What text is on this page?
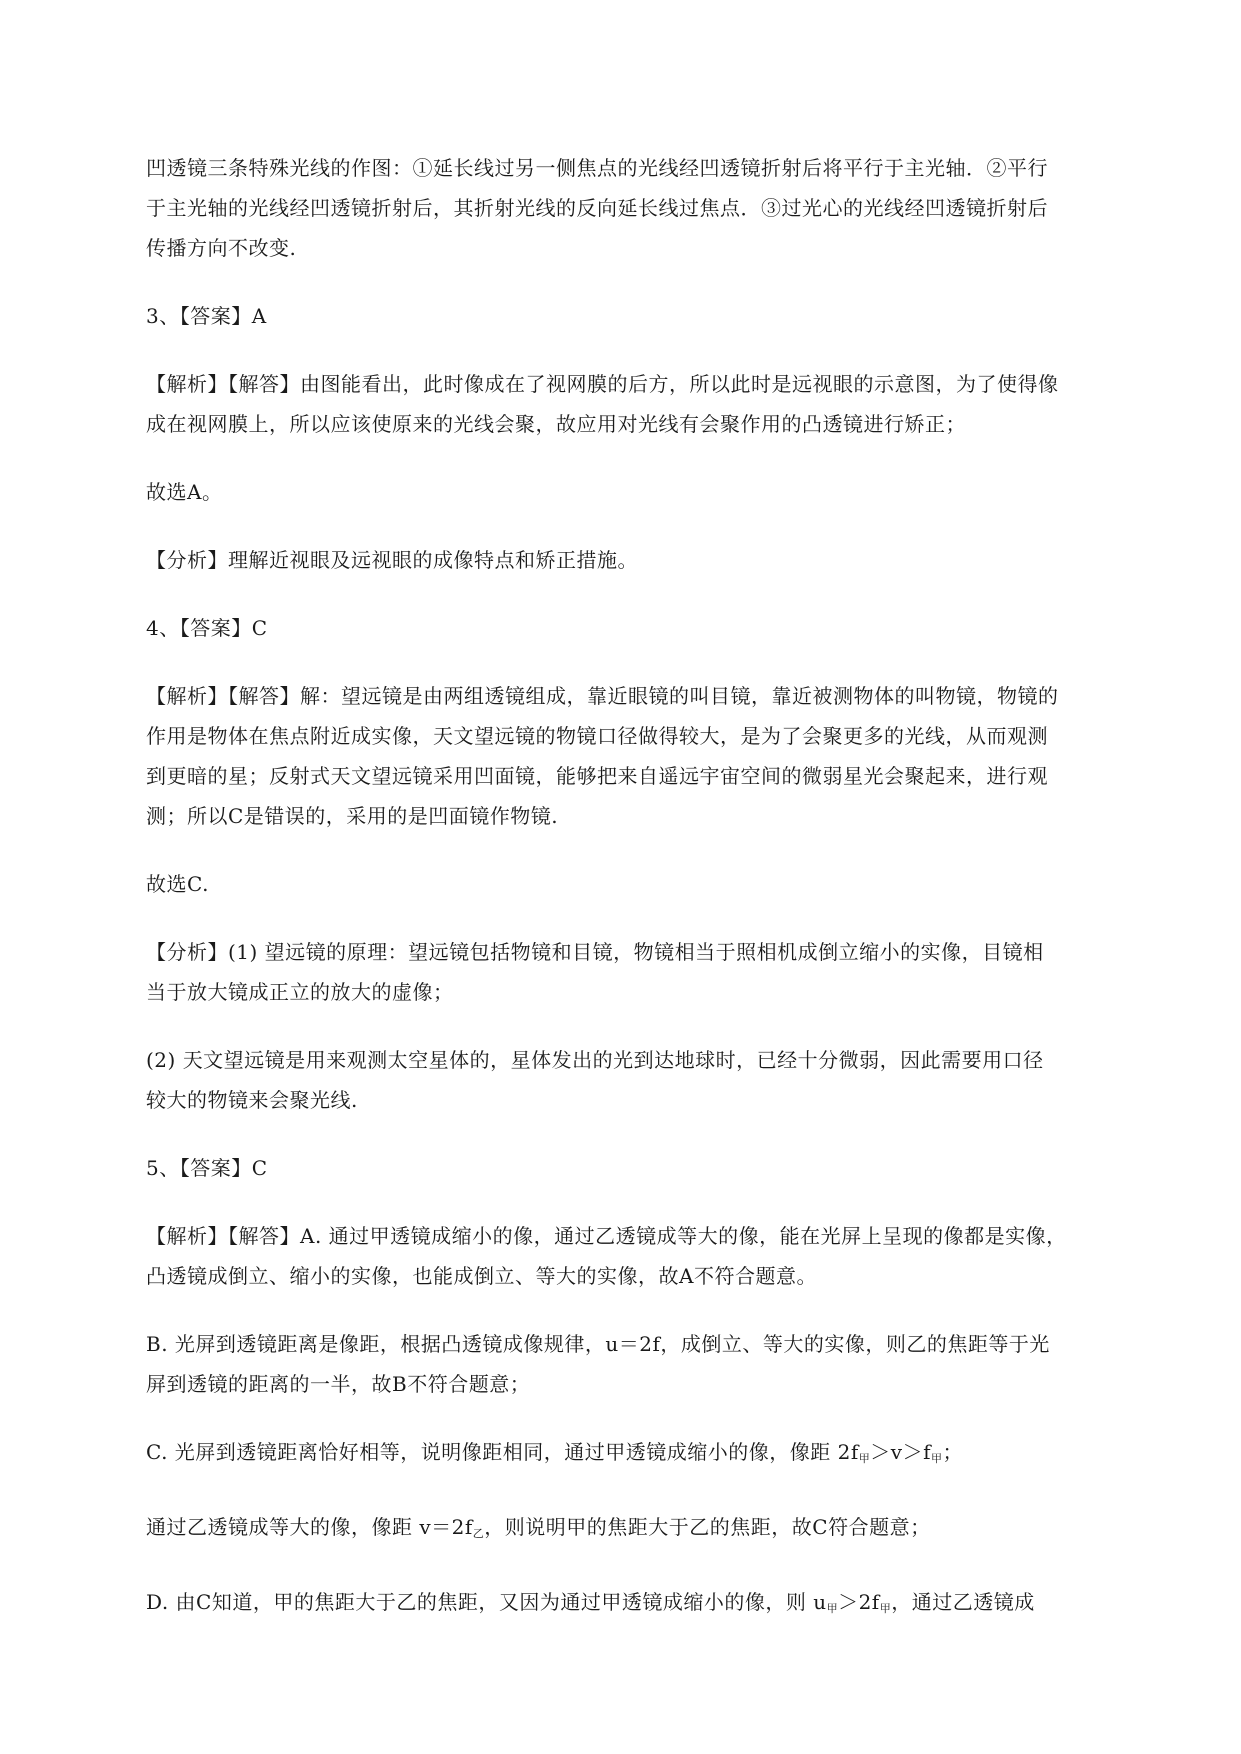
凹透镜三条特殊光线的作图：①延长线过另一侧焦点的光线经凹透镜折射后将平行于主光轴．②平行
于主光轴的光线经凹透镜折射后，其折射光线的反向延长线过焦点．③过光心的光线经凹透镜折射后
传播方向不改变.

3、【答案】A

【解析】【解答】由图能看出，此时像成在了视网膜的后方，所以此时是远视眼的示意图，为了使得像
成在视网膜上，所以应该使原来的光线会聚，故应用对光线有会聚作用的凸透镜进行矫正；

故选A。

【分析】理解近视眼及远视眼的成像特点和矫正措施。

4、【答案】C

【解析】【解答】解：望远镜是由两组透镜组成，靠近眼镜的叫目镜，靠近被测物体的叫物镜，物镜的
作用是物体在焦点附近成实像，天文望远镜的物镜口径做得较大，是为了会聚更多的光线，从而观测
到更暗的星；反射式天文望远镜采用凹面镜，能够把来自遥远宇宙空间的微弱星光会聚起来，进行观
测；所以C是错误的，采用的是凹面镜作物镜.

故选C.

【分析】(1) 望远镜的原理：望远镜包括物镜和目镜，物镜相当于照相机成倒立缩小的实像，目镜相
当于放大镜成正立的放大的虚像；

(2) 天文望远镜是用来观测太空星体的，星体发出的光到达地球时，已经十分微弱，因此需要用口径
较大的物镜来会聚光线.

5、【答案】C

【解析】【解答】A. 通过甲透镜成缩小的像，通过乙透镜成等大的像，能在光屏上呈现的像都是实像，
凸透镜成倒立、缩小的实像，也能成倒立、等大的实像，故A不符合题意。

B. 光屏到透镜距离是像距，根据凸透镜成像规律，u＝2f，成倒立、等大的实像，则乙的焦距等于光
屏到透镜的距离的一半，故B不符合题意；

C. 光屏到透镜距离恰好相等，说明像距相同，通过甲透镜成缩小的像，像距 $2f_甲>v>f_甲$；

通过乙透镜成等大的像，像距 $v=2f_乙$，则说明甲的焦距大于乙的焦距，故C符合题意；

D. 由C知道，甲的焦距大于乙的焦距，又因为通过甲透镜成缩小的像，则 $u_甲>2f_甲$，通过乙透镜成
